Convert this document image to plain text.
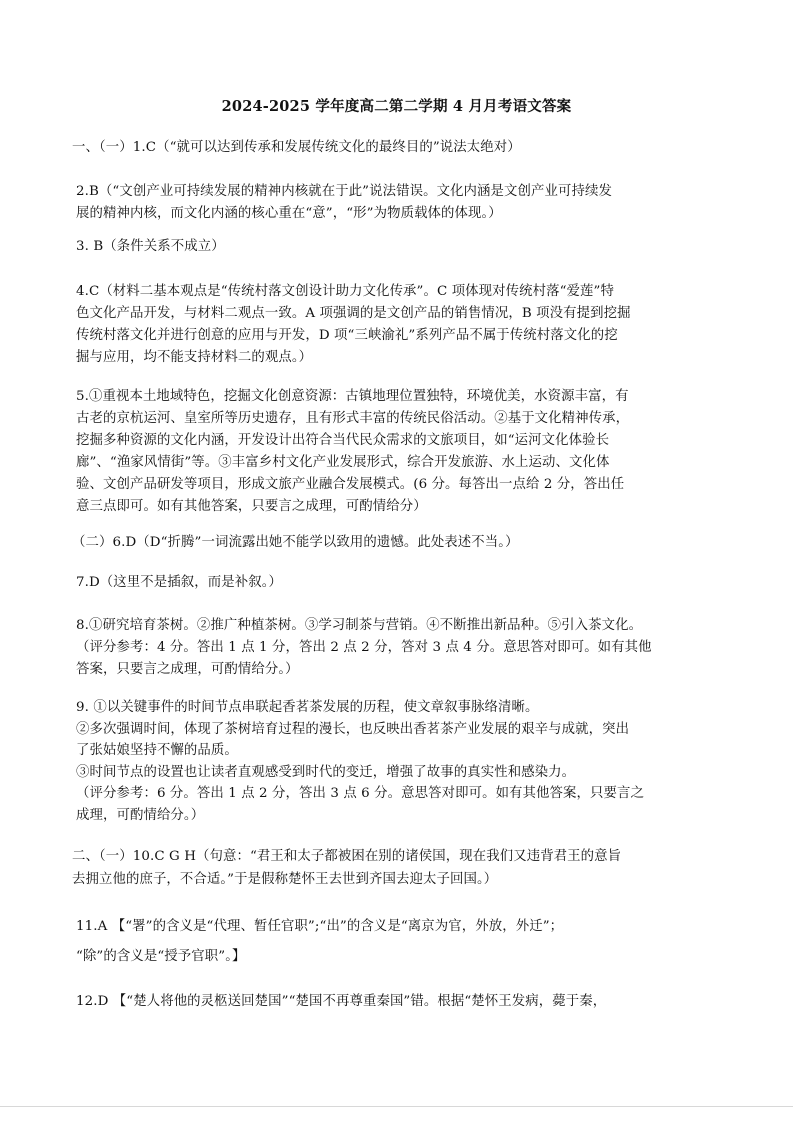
2024-2025 学年度高二第二学期 4 月月考语文答案
一、（一）1.C（“就可以达到传承和发展传统文化的最终目的”说法太绝对）
2.B（“文创产业可持续发展的精神内核就在于此”说法错误。文化内涵是文创产业可持续发
展的精神内核，而文化内涵的核心重在“意”，“形”为物质载体的体现。）
3. B（条件关系不成立）
4.C（材料二基本观点是“传统村落文创设计助力文化传承”。C 项体现对传统村落“爱莲”特
色文化产品开发，与材料二观点一致。A 项强调的是文创产品的销售情况，B 项没有提到挖掘
传统村落文化并进行创意的应用与开发，D 项“三峡渝礼”系列产品不属于传统村落文化的挖
掘与应用，均不能支持材料二的观点。）
5.①重视本土地域特色，挖掘文化创意资源：古镇地理位置独特，环境优美，水资源丰富，有
古老的京杭运河、皇室所等历史遗存，且有形式丰富的传统民俗活动。②基于文化精神传承，
挖掘多种资源的文化内涵，开发设计出符合当代民众需求的文旅项目，如“运河文化体验长
廊”、“渔家风情街”等。③丰富乡村文化产业发展形式，综合开发旅游、水上运动、文化体
验、文创产品研发等项目，形成文旅产业融合发展模式。(6 分。每答出一点给 2 分，答出任
意三点即可。如有其他答案，只要言之成理，可酌情给分）
（二）6.D（D“折腾”一词流露出她不能学以致用的遗憾。此处表述不当。）
7.D（这里不是插叙，而是补叙。）
8.①研究培育茶树。②推广种植茶树。③学习制茶与营销。④不断推出新品种。⑤引入茶文化。
（评分参考：4 分。答出 1 点 1 分，答出 2 点 2 分，答对 3 点 4 分。意思答对即可。如有其他
答案，只要言之成理，可酌情给分。）
9. ①以关键事件的时间节点串联起香茗茶发展的历程，使文章叙事脉络清晰。
②多次强调时间，体现了茶树培育过程的漫长，也反映出香茗茶产业发展的艰辛与成就，突出
了张姑娘坚持不懈的品质。
③时间节点的设置也让读者直观感受到时代的变迁，增强了故事的真实性和感染力。
（评分参考：6 分。答出 1 点 2 分，答出 3 点 6 分。意思答对即可。如有其他答案，只要言之
成理，可酌情给分。）
二、（一）10.C G H（句意：“君王和太子都被困在别的诸侯国，现在我们又违背君王的意旨
去拥立他的庶子，不合适。”于是假称楚怀王去世到齐国去迎太子回国。）
11.A 【“署”的含义是“代理、暂任官职”;“出”的含义是“离京为官，外放，外迁”；
“除”的含义是“授予官职”。】
12.D 【“楚人将他的灵柩送回楚国”“楚国不再尊重秦国”错。根据“楚怀王发病，薨于秦，
